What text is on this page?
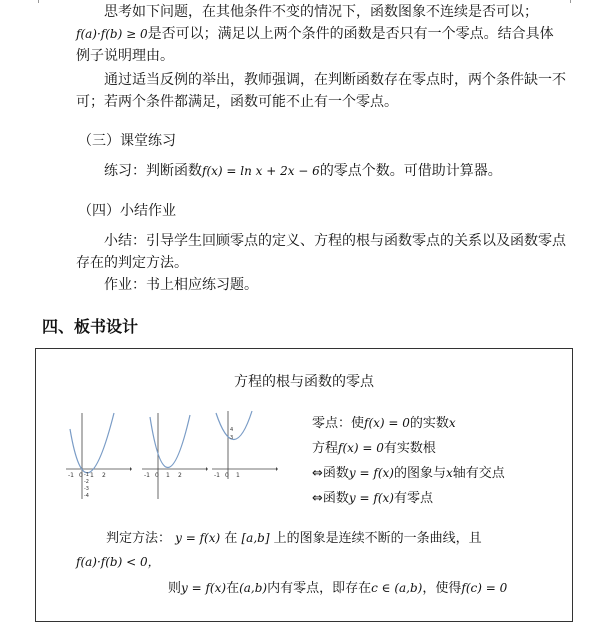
思考如下问题，在其他条件不变的情况下，函数图象不连续是否可以；
f(a)·f(b) ≥ 0是否可以；满足以上两个条件的函数是否只有一个零点。结合具体
例子说明理由。
通过适当反例的举出，教师强调，在判断函数存在零点时，两个条件缺一不
可；若两个条件都满足，函数可能不止有一个零点。
（三）课堂练习
练习：判断函数f(x) = ln x + 2x − 6的零点个数。可借助计算器。
（四）小结作业
小结：引导学生回顾零点的定义、方程的根与函数零点的关系以及函数零点
存在的判定方法。
作业：书上相应练习题。
四、板书设计
方程的根与函数的零点
-1 0 1 2
-1
-2
-3
-4
-1 0 1 2	-1 0 1
4
3
零点：使f(x) = 0的实数x
方程f(x) = 0有实数根
⇔函数y = f(x)的图象与x轴有交点
⇔函数y = f(x)有零点
判定方法： y = f(x) 在 [a,b] 上的图象是连续不断的一条曲线，且
f(a)·f(b) < 0，
则y = f(x)在(a,b)内有零点，即存在c ∈ (a,b)，使得f(c) = 0
